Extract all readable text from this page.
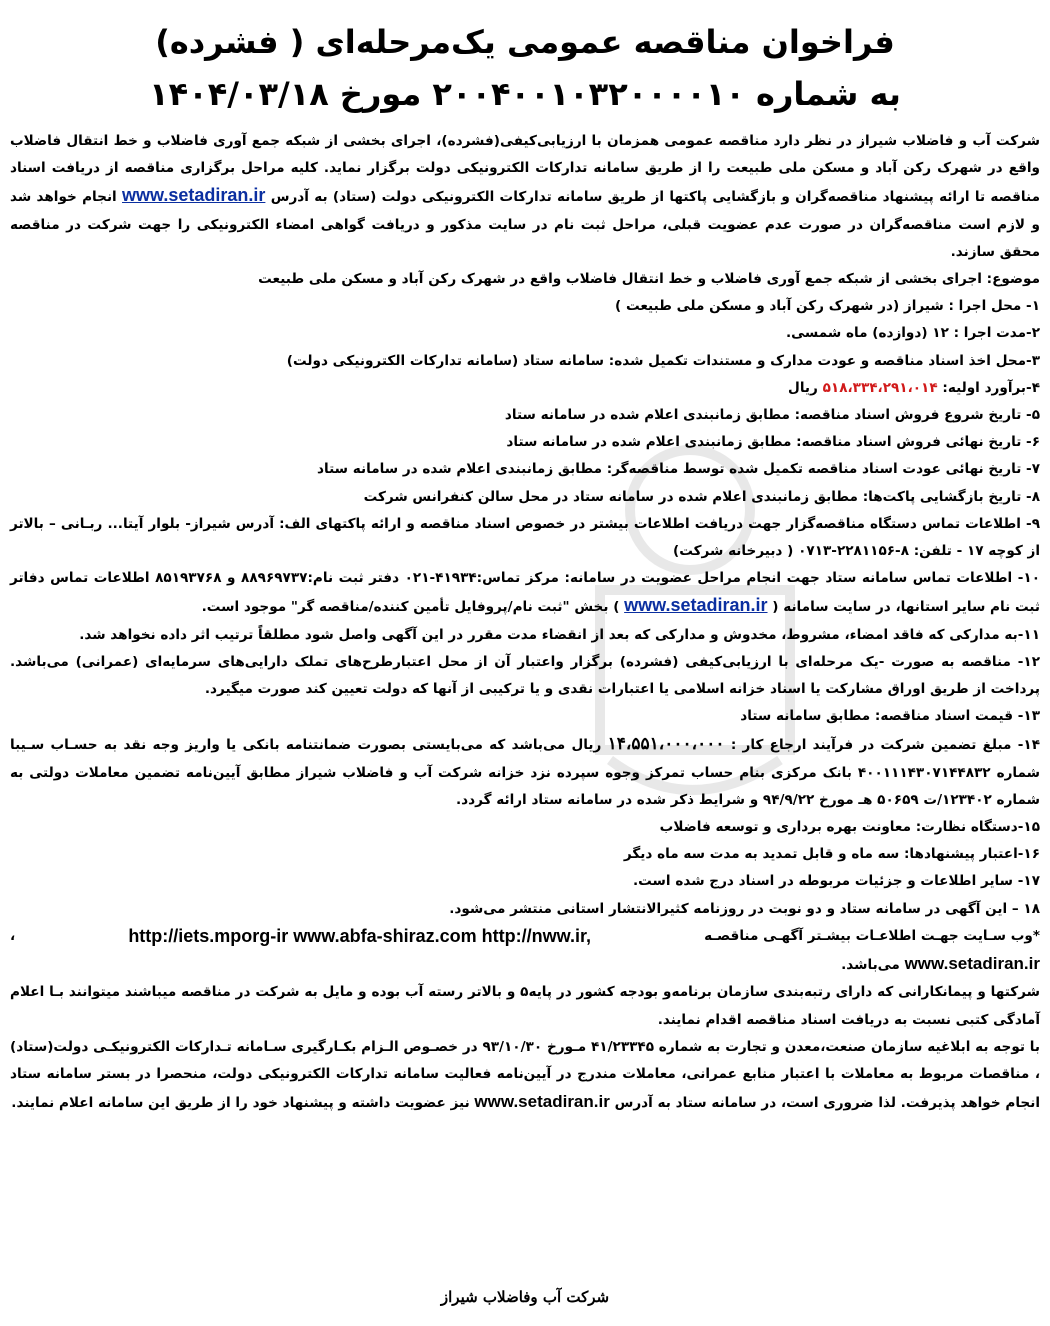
فراخوان مناقصه عمومی یک‌مرحله‌ای ( فشرده)
به شماره ۲۰۰۴۰۰۱۰۳۲۰۰۰۰۱۰ مورخ ۱۴۰۴/۰۳/۱۸

شرکت آب و فاضلاب شیراز در نظر دارد مناقصه عمومی همزمان با ارزیابی‌کیفی(فشرده)، اجرای بخشی از شبکه جمع آوری فاضلاب و خط انتقال فاضلاب واقع در شهرک رکن آباد و مسکن ملی طبیعت را از طریق سامانه تدارکات الکترونیکی دولت برگزار نماید. کلیه مراحل برگزاری مناقصه از دریافت اسناد مناقصه تا ارائه پیشنهاد مناقصه‌گران و بازگشایی پاکتها از طریق سامانه تدارکات الکترونیکی دولت (ستاد) به آدرس www.setadiran.ir انجام خواهد شد و لازم است مناقصه‌گران در صورت عدم عضویت قبلی، مراحل ثبت نام در سایت مذکور و دریافت گواهی امضاء الکترونیکی را جهت شرکت در مناقصه محقق سازند.

موضوع: اجرای بخشی از شبکه جمع آوری فاضلاب و خط انتقال فاضلاب واقع در شهرک رکن آباد و مسکن ملی طبیعت

۱- محل اجرا : شیراز (در شهرک رکن آباد و مسکن ملی طبیعت )

۲-مدت اجرا : ۱۲ (دوازده) ماه شمسی.

۳-محل اخذ اسناد مناقصه و عودت مدارک و مستندات تکمیل شده: سامانه ستاد (سامانه تدارکات الکترونیکی دولت)

۴-برآورد اولیه: ۵۱۸،۳۳۴،۲۹۱،۰۱۴ ریال

۵- تاریخ شروع فروش اسناد مناقصه: مطابق زمانبندی اعلام شده در سامانه ستاد

۶- تاریخ نهائی فروش اسناد مناقصه: مطابق زمانبندی اعلام شده در سامانه ستاد

۷- تاریخ نهائی عودت اسناد مناقصه تکمیل شده توسط مناقصه‌گر: مطابق زمانبندی اعلام شده در سامانه ستاد

۸- تاریخ بازگشایی پاکت‌ها: مطابق زمانبندی اعلام شده در سامانه ستاد در محل سالن کنفرانس شرکت

۹- اطلاعات تماس دستگاه مناقصه‌گزار جهت دریافت اطلاعات بیشتر در خصوص اسناد مناقصه و ارائه پاکتهای الف: آدرس شیراز- بلوار آیتا... ربـانی – بالاتر از کوچه ۱۷ - تلفن: ۸-۲۲۸۱۱۵۶-۰۷۱۳ ( دبیرخانه شرکت)

۱۰- اطلاعات تماس سامانه ستاد جهت انجام مراحل عضویت در سامانه: مرکز تماس:۴۱۹۳۴-۰۲۱ دفتر ثبت نام:۸۸۹۶۹۷۳۷ و ۸۵۱۹۳۷۶۸ اطلاعات تماس دفاتر ثبت نام سایر استانها، در سایت سامانه ( www.setadiran.ir ) بخش "ثبت نام/پروفایل تأمین کننده/مناقصه گر" موجود است.

۱۱-به مدارکی که فاقد امضاء، مشروط، مخدوش و مدارکی که بعد از انقضاء مدت مقرر در این آگهی واصل شود مطلقاً ترتیب اثر داده نخواهد شد.

۱۲- مناقصه به صورت -یک مرحله‌ای با ارزیابی‌کیفی (فشرده) برگزار واعتبار آن از محل اعتبارطرح‌های تملک دارایی‌های سرمایه‌ای (عمرانی) می‌باشد. پرداخت از طریق اوراق مشارکت یا اسناد خزانه اسلامی یا اعتبارات نقدی و یا ترکیبی از آنها که دولت تعیین کند صورت میگیرد.

۱۳- قیمت اسناد مناقصه: مطابق سامانه ستاد

۱۴- مبلغ تضمین شرکت در فرآیند ارجاع کار : ۱۴،۵۵۱،۰۰۰،۰۰۰ ریال می‌باشد که می‌بایستی بصورت ضمانتنامه بانکی یا واریز وجه نقد به حسـاب سـیبا شماره ۴۰۰۱۱۱۴۳۰۷۱۴۴۸۳۲ بانک مرکزی بنام حساب تمرکز وجوه سپرده نزد خزانه شرکت آب و فاضلاب شیراز مطابق آیین‌نامه تضمین معاملات دولتی به شماره ۱۲۳۴۰۲/ت ۵۰۶۵۹ هـ مورخ ۹۴/۹/۲۲ و شرایط ذکر شده در سامانه ستاد ارائه گردد.

۱۵-دستگاه نظارت: معاونت بهره برداری و توسعه فاضلاب

۱۶-اعتبار پیشنهادها: سه ماه و قابل تمدید به مدت سه ماه دیگر

۱۷- سایر اطلاعات و جزئیات مربوطه در اسناد درج شده است.

۱۸ – این آگهی در سامانه ستاد و دو نوبت در روزنامه کثیرالانتشار استانی منتشر می‌شود.

*وب سـایت جهـت اطلاعـات بیشـتر آگهـی مناقصـه
http://iets.mporg-ir www.abfa-shiraz.com http://nww.ir,
،

www.setadiran.ir می‌باشد.

شرکتها و پیمانکارانی که دارای رتبه‌بندی سازمان برنامه‌و بودجه کشور در پایه۵ و بالاتر رسته آب بوده و مایل به شرکت در مناقصه میباشند میتوانند بـا اعلام آمادگی کتبی نسبت به دریافت اسناد مناقصه اقدام نمایند.

با توجه به ابلاغیه سازمان صنعت،معدن و تجارت به شماره ۴۱/۲۳۳۴۵ مـورخ ۹۳/۱۰/۳۰ در خصـوص الـزام بکـارگیری سـامانه تـدارکات الکترونیکـی دولت(ستاد) ، مناقصات مربوط به معاملات با اعتبار منابع عمرانی، معاملات مندرج در آیین‌نامه فعالیت سامانه تدارکات الکترونیکی دولت، منحصرا در بستر سامانه ستاد انجام خواهد پذیرفت. لذا ضروری است، در سامانه ستاد به آدرس www.setadiran.ir نیز عضویت داشته و پیشنهاد خود را از طریق این سامانه اعلام نمایند.

شرکت آب وفاضلاب شیراز
